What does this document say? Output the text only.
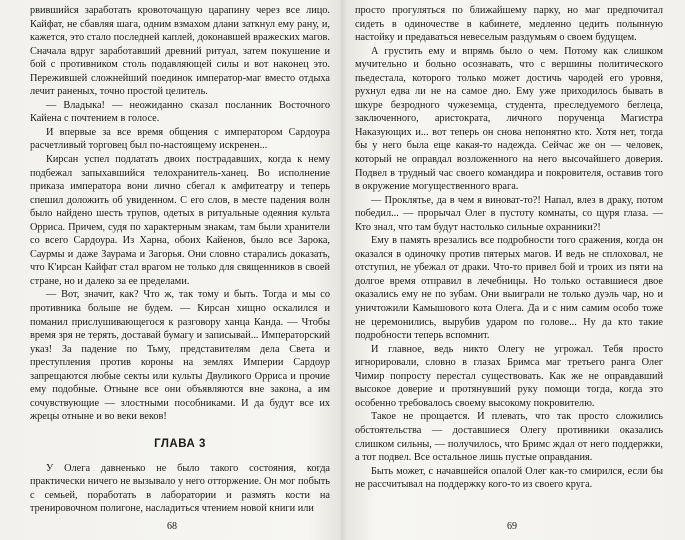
рвившийся заработать кровоточащую царапину через все лицо. Кайфат, не сбавляя шага, одним взмахом длани заткнул ему рану, и, кажется, это стало последней каплей, доконавшей вражеских магов. Сначала вдруг заработавший древний ритуал, затем покушение и бой с противником столь подавляющей силы и вот наконец это. Пережившей сложнейший поединок император-маг вместо отдыха лечит раненых, точно простой целитель.

— Владыка! — неожиданно сказал посланник Восточного Кайена с почтением в голосе.

И впервые за все время общения с императором Сардоура расчетливый торговец был по-настоящему искренен...

Кирсан успел подлатать двоих пострадавших, когда к нему подбежал запыхавшийся телохранитель-ханец. Во исполнение приказа императора вони лично сбегал к амфитеатру и теперь спешил доложить об увиденном. С его слов, в месте падения волн было найдено шесть трупов, одетых в ритуальные одеяния культа Орриса. Причем, судя по характерным знакам, там были хранители со всего Сардоура. Из Харна, обоих Кайенов, было все Зарока, Саурмы и даже Заурама и Загорья. Они словно старались доказать, что К'ирсан Кайфат стал врагом не только для священников в своей стране, но и далеко за ее пределами.

— Вот, значит, как? Что ж, так тому и быть. Тогда и мы со противника больше не будем. — Кирсан хищно оскалился и поманил прислушивающегося к разговору ханца Канда. — Чтобы время зря не терять, доставай бумагу и записывай... Императорский указ! За падение по Тьму, представителям дела Света и преступления против короны на землях Империи Сардоур запрещаются любые секты или культы Двуликого Орриса и прочие ему подобные. Отныне все они объявляются вне закона, а им сочувствующие — злостными пособниками. И да будут все их жрецы отныне и во веки веков!

ГЛАВА 3

У Олега давненько не было такого состояния, когда практически ничего не вызывало у него отторжение. Он мог побыть с семьей, поработать в лаборатории и размять кости на тренировочном полигоне, насладиться чтением новой книги или

68

просто прогуляться по ближайшему парку, но маг предпочитал сидеть в одиночестве в кабинете, медленно цедить полынную настойку и предаваться невеселым раздумьям о своем будущем.

А грустить ему и впрямь было о чем. Потому как слишком мучительно и больно осознавать, что с вершины политического пьедестала, которого только может достичь чародей его уровня, рухнул едва ли не на самое дно. Ему уже приходилось бывать в шкуре безродного чужеземца, студента, преследуемого беглеца, заключенного, аристократа, личного порученца Магистра Наказующих и... вот теперь он снова непонятно кто. Хотя нет, тогда бы у него была еще какая-то надежда. Сейчас же он — человек, который не оправдал возложенного на него высочайшего доверия. Подвел в трудный час своего командира и покровителя, оставив того в окружение могущественного врага.

— Проклятье, да в чем я виноват-то?! Напал, влез в драку, потом победил... — прорычал Олег в пустоту комнаты, со щуря глаза. — Кто знал, что там будут настолько сильные охранники?!

Ему в память врезались все подробности того сражения, когда он оказался в одиночку против пятерых магов. И ведь не сплоховал, не отступил, не убежал от драки. Что-то привел бой и троих из пяти на долгое время отправил в лечебницы. Но только оставшиеся двое оказались ему не по зубам. Они выиграли не только дуэль чар, но и уничтожили Камышового кота Олега. Да и с ним самим особо тоже не церемонились, вырубив ударом по голове... Ну да кто такие подробности теперь вспомнит.

И главное, ведь никто Олегу не угрожал. Тебя просто игнорировали, словно в глазах Бримса маг третьего ранга Олег Чимир попросту перестал существовать. Как же не оправдавший высокое доверие и протянувший руку помощи тогда, когда это особенно требовалось своему высокому покровителю.

Такое не прощается. И плевать, что так просто сложились обстоятельства — доставшиеся Олегу противники оказались слишком сильны, — получилось, что Бримс ждал от него поддержки, а тот подвел. Все остальное лишь пустые оправдания.

Быть может, с начавшейся опалой Олег как-то смирился, если бы не рассчитывал на поддержку кого-то из своего круга.

69
